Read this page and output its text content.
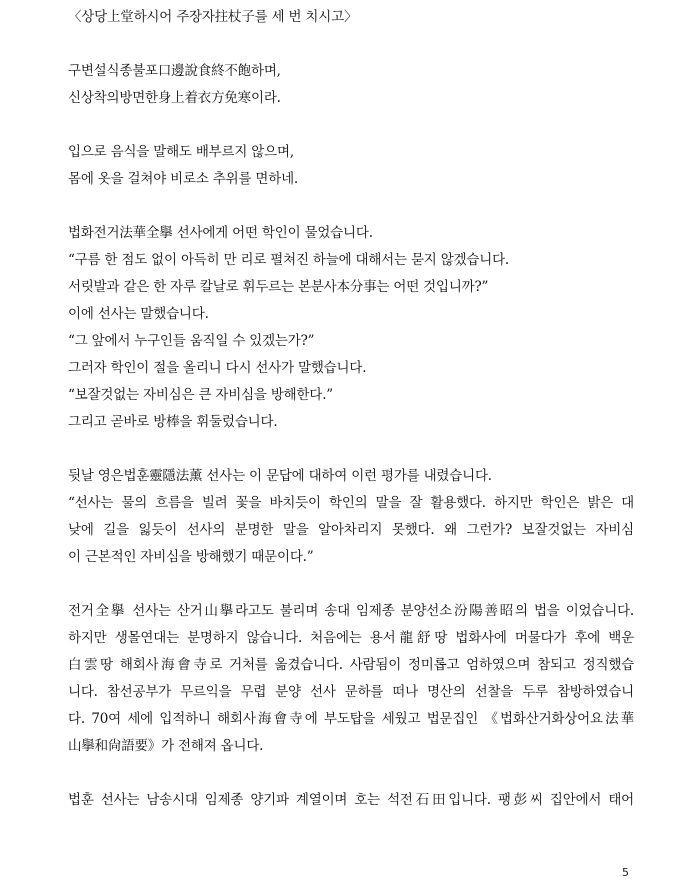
〈상당上堂하시어 주장자拄杖子를 세 번 치시고〉
구변설식종불포口邊說食終不飽하며,
신상착의방면한身上着衣方免寒이라.
입으로 음식을 말해도 배부르지 않으며,
몸에 옷을 걸쳐야 비로소 추위를 면하네.
법화전거法華全擧 선사에게 어떤 학인이 물었습니다.
“구름 한 점도 없이 아득히 만 리로 펼쳐진 하늘에 대해서는 묻지 않겠습니다.
서릿발과 같은 한 자루 칼날로 휘두르는 본분사本分事는 어떤 것입니까?”
이에 선사는 말했습니다.
“그 앞에서 누구인들 움직일 수 있겠는가?”
그러자 학인이 절을 올리니 다시 선사가 말했습니다.
“보잘것없는 자비심은 큰 자비심을 방해한다.”
그리고 곧바로 방棒을 휘둘렀습니다.
뒷날 영은법훈靈隱法薰 선사는 이 문답에 대하여 이런 평가를 내렸습니다.
“선사는 물의 흐름을 빌려 꽃을 바치듯이 학인의 말을 잘 활용했다. 하지만 학인은 밝은 대
낮에 길을 잃듯이 선사의 분명한 말을 알아차리지 못했다. 왜 그런가? 보잘것없는 자비심
이 근본적인 자비심을 방해했기 때문이다.”
전거全擧 선사는 산거山擧라고도 불리며 송대 임제종 분양선소汾陽善昭의 법을 이었습니다.
하지만 생몰연대는 분명하지 않습니다. 처음에는 용서龍舒땅 법화사에 머물다가 후에 백운
白雲땅 해회사海會寺로 거처를 옮겼습니다. 사람됨이 정미롭고 엄하였으며 참되고 정직했습
니다. 참선공부가 무르익을 무렵 분양 선사 문하를 떠나 명산의 선찰을 두루 참방하였습니
다. 70여 세에 입적하니 해회사海會寺에 부도탑을 세웠고 법문집인 《법화산거화상어요法華
山擧和尙語要》가 전해져 옵니다.
법훈 선사는 남송시대 임제종 양기파 계열이며 호는 석전石田입니다. 팽彭씨 집안에서 태어
5
